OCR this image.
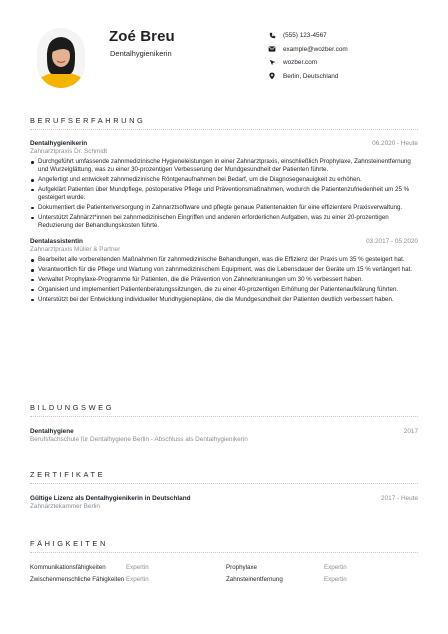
Zoé Breu
Dentalhygienikerin
(555) 123-4567
example@wozber.com
wozber.com
Berlin, Deutschland
BERUFSERFAHRUNG
Dentalhygienikerin	06.2020 - Heute
Zahnarztpraxis Dr. Schmidt
Durchgeführt umfassende zahnmedizinische Hygieneleistungen in einer Zahnarztpraxis, einschließlich Prophylaxe, Zahnsteinentfernung und Wurzelglättung, was zu einer 30-prozentigen Verbesserung der Mundgesundheit der Patienten führte.
Angefertigt und entwickelt zahnmedizinische Röntgenaufnahmen bei Bedarf, um die Diagnosegenauigkeit zu erhöhen.
Aufgeklärt Patienten über Mundpflege, postoperative Pflege und Präventionsmaßnahmen, wodurch die Patientenzufriedenheit um 25 % gesteigert wurde.
Dokumentiert die Patientenversorgung in Zahnarztsoftware und pflegte genaue Patientenakten für eine effizientere Praxisverwaltung.
Unterstützt Zahnärzt*innen bei zahnmedizinischen Eingriffen und anderen erforderlichen Aufgaben, was zu einer 20-prozentigen Reduzierung der Behandlungskosten führte.
Dentalassistentin	03.2017 - 05.2020
Zahnarztpraxis Müller & Partner
Bearbeitet alle vorbereitenden Maßnahmen für zahnmedizinische Behandlungen, was die Effizienz der Praxis um 35 % gesteigert hat.
Verantwortlich für die Pflege und Wartung von zahnmedizinischem Equipment, was die Lebensdauer der Geräte um 15 % verlängert hat.
Verwaltet Prophylaxe-Programme für Patienten, die die Prävention von Zahnerkrankungen um 30 % verbessert haben.
Organisiert und implementiert Patientenberatungssitzungen, die zu einer 40-prozentigen Erhöhung der Patientenaufklärung führten.
Unterstützt bei der Entwicklung individueller Mundhygienepläne, die die Mundgesundheit der Patienten deutlich verbessert haben.
BILDUNGSWEG
Dentalhygiene	2017
Berufsfachschule für Dentalhygiene Berlin - Abschluss als Dentalhygienikerin
ZERTIFIKATE
Gültige Lizenz als Dentalhygienikerin in Deutschland	2017 - Heute
Zahnärztekammer Berlin
FÄHIGKEITEN
Kommunikationsfähigkeiten	Expertin	Prophylaxe	Expertin
Zwischenmenschliche Fähigkeiten Expertin	Zahnsteinentfernung	Expertin
